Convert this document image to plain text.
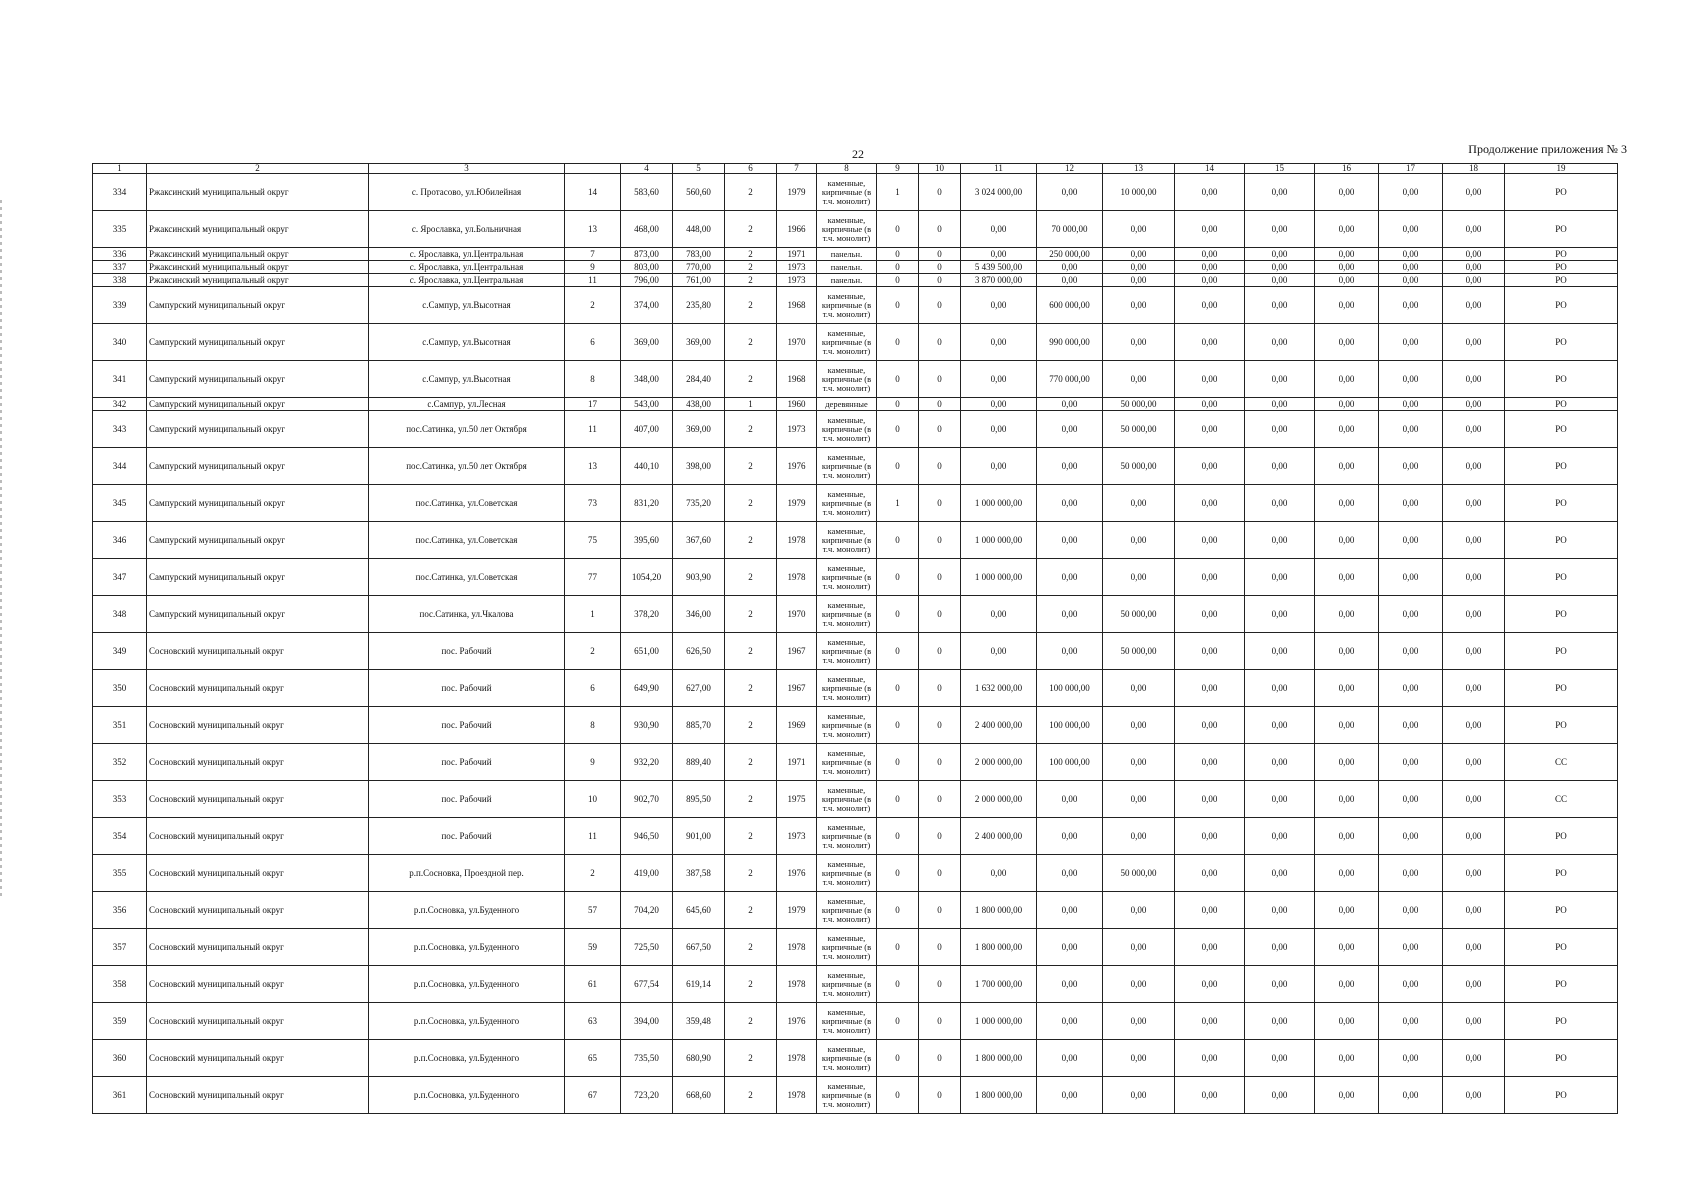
22	Продолжение приложения № 3
1	2	3		4	5	6	7	8	9	10	11	12	13	14	15	16	17	18	19
334	Ржаксинский муниципальный округ	с. Протасово, ул.Юбилейная	14	583,60	560,60	2	1979	каменные, кирпичные (в т.ч. монолит)	1	0	3 024 000,00	0,00	10 000,00	0,00	0,00	0,00	0,00	0,00	РО
335	Ржаксинский муниципальный округ	с. Ярославка, ул.Больничная	13	468,00	448,00	2	1966	каменные, кирпичные (в т.ч. монолит)	0	0	0,00	70 000,00	0,00	0,00	0,00	0,00	0,00	0,00	РО
336	Ржаксинский муниципальный округ	с. Ярославка, ул.Центральная	7	873,00	783,00	2	1971	панельн.	0	0	0,00	250 000,00	0,00	0,00	0,00	0,00	0,00	0,00	РО
337	Ржаксинский муниципальный округ	с. Ярославка, ул.Центральная	9	803,00	770,00	2	1973	панельн.	0	0	5 439 500,00	0,00	0,00	0,00	0,00	0,00	0,00	0,00	РО
338	Ржаксинский муниципальный округ	с. Ярославка, ул.Центральная	11	796,00	761,00	2	1973	панельн.	0	0	3 870 000,00	0,00	0,00	0,00	0,00	0,00	0,00	0,00	РО
339	Сампурский муниципальный округ	с.Сампур, ул.Высотная	2	374,00	235,80	2	1968	каменные, кирпичные (в т.ч. монолит)	0	0	0,00	600 000,00	0,00	0,00	0,00	0,00	0,00	0,00	РО
340	Сампурский муниципальный округ	с.Сампур, ул.Высотная	6	369,00	369,00	2	1970	каменные, кирпичные (в т.ч. монолит)	0	0	0,00	990 000,00	0,00	0,00	0,00	0,00	0,00	0,00	РО
341	Сампурский муниципальный округ	с.Сампур, ул.Высотная	8	348,00	284,40	2	1968	каменные, кирпичные (в т.ч. монолит)	0	0	0,00	770 000,00	0,00	0,00	0,00	0,00	0,00	0,00	РО
342	Сампурский муниципальный округ	с.Сампур, ул.Лесная	17	543,00	438,00	1	1960	деревянные	0	0	0,00	0,00	50 000,00	0,00	0,00	0,00	0,00	0,00	РО
343	Сампурский муниципальный округ	пос.Сатинка, ул.50 лет Октября	11	407,00	369,00	2	1973	каменные, кирпичные (в т.ч. монолит)	0	0	0,00	0,00	50 000,00	0,00	0,00	0,00	0,00	0,00	РО
344	Сампурский муниципальный округ	пос.Сатинка, ул.50 лет Октября	13	440,10	398,00	2	1976	каменные, кирпичные (в т.ч. монолит)	0	0	0,00	0,00	50 000,00	0,00	0,00	0,00	0,00	0,00	РО
345	Сампурский муниципальный округ	пос.Сатинка, ул.Советская	73	831,20	735,20	2	1979	каменные, кирпичные (в т.ч. монолит)	1	0	1 000 000,00	0,00	0,00	0,00	0,00	0,00	0,00	0,00	РО
346	Сампурский муниципальный округ	пос.Сатинка, ул.Советская	75	395,60	367,60	2	1978	каменные, кирпичные (в т.ч. монолит)	0	0	1 000 000,00	0,00	0,00	0,00	0,00	0,00	0,00	0,00	РО
347	Сампурский муниципальный округ	пос.Сатинка, ул.Советская	77	1054,20	903,90	2	1978	каменные, кирпичные (в т.ч. монолит)	0	0	1 000 000,00	0,00	0,00	0,00	0,00	0,00	0,00	0,00	РО
348	Сампурский муниципальный округ	пос.Сатинка, ул.Чкалова	1	378,20	346,00	2	1970	каменные, кирпичные (в т.ч. монолит)	0	0	0,00	0,00	50 000,00	0,00	0,00	0,00	0,00	0,00	РО
349	Сосновский муниципальный округ	пос. Рабочий	2	651,00	626,50	2	1967	каменные, кирпичные (в т.ч. монолит)	0	0	0,00	0,00	50 000,00	0,00	0,00	0,00	0,00	0,00	РО
350	Сосновский муниципальный округ	пос. Рабочий	6	649,90	627,00	2	1967	каменные, кирпичные (в т.ч. монолит)	0	0	1 632 000,00	100 000,00	0,00	0,00	0,00	0,00	0,00	0,00	РО
351	Сосновский муниципальный округ	пос. Рабочий	8	930,90	885,70	2	1969	каменные, кирпичные (в т.ч. монолит)	0	0	2 400 000,00	100 000,00	0,00	0,00	0,00	0,00	0,00	0,00	РО
352	Сосновский муниципальный округ	пос. Рабочий	9	932,20	889,40	2	1971	каменные, кирпичные (в т.ч. монолит)	0	0	2 000 000,00	100 000,00	0,00	0,00	0,00	0,00	0,00	0,00	СС
353	Сосновский муниципальный округ	пос. Рабочий	10	902,70	895,50	2	1975	каменные, кирпичные (в т.ч. монолит)	0	0	2 000 000,00	0,00	0,00	0,00	0,00	0,00	0,00	0,00	СС
354	Сосновский муниципальный округ	пос. Рабочий	11	946,50	901,00	2	1973	каменные, кирпичные (в т.ч. монолит)	0	0	2 400 000,00	0,00	0,00	0,00	0,00	0,00	0,00	0,00	РО
355	Сосновский муниципальный округ	р.п.Сосновка, Проездной пер.	2	419,00	387,58	2	1976	каменные, кирпичные (в т.ч. монолит)	0	0	0,00	0,00	50 000,00	0,00	0,00	0,00	0,00	0,00	РО
356	Сосновский муниципальный округ	р.п.Сосновка, ул.Буденного	57	704,20	645,60	2	1979	каменные, кирпичные (в т.ч. монолит)	0	0	1 800 000,00	0,00	0,00	0,00	0,00	0,00	0,00	0,00	РО
357	Сосновский муниципальный округ	р.п.Сосновка, ул.Буденного	59	725,50	667,50	2	1978	каменные, кирпичные (в т.ч. монолит)	0	0	1 800 000,00	0,00	0,00	0,00	0,00	0,00	0,00	0,00	РО
358	Сосновский муниципальный округ	р.п.Сосновка, ул.Буденного	61	677,54	619,14	2	1978	каменные, кирпичные (в т.ч. монолит)	0	0	1 700 000,00	0,00	0,00	0,00	0,00	0,00	0,00	0,00	РО
359	Сосновский муниципальный округ	р.п.Сосновка, ул.Буденного	63	394,00	359,48	2	1976	каменные, кирпичные (в т.ч. монолит)	0	0	1 000 000,00	0,00	0,00	0,00	0,00	0,00	0,00	0,00	РО
360	Сосновский муниципальный округ	р.п.Сосновка, ул.Буденного	65	735,50	680,90	2	1978	каменные, кирпичные (в т.ч. монолит)	0	0	1 800 000,00	0,00	0,00	0,00	0,00	0,00	0,00	0,00	РО
361	Сосновский муниципальный округ	р.п.Сосновка, ул.Буденного	67	723,20	668,60	2	1978	каменные, кирпичные (в т.ч. монолит)	0	0	1 800 000,00	0,00	0,00	0,00	0,00	0,00	0,00	0,00	РО
